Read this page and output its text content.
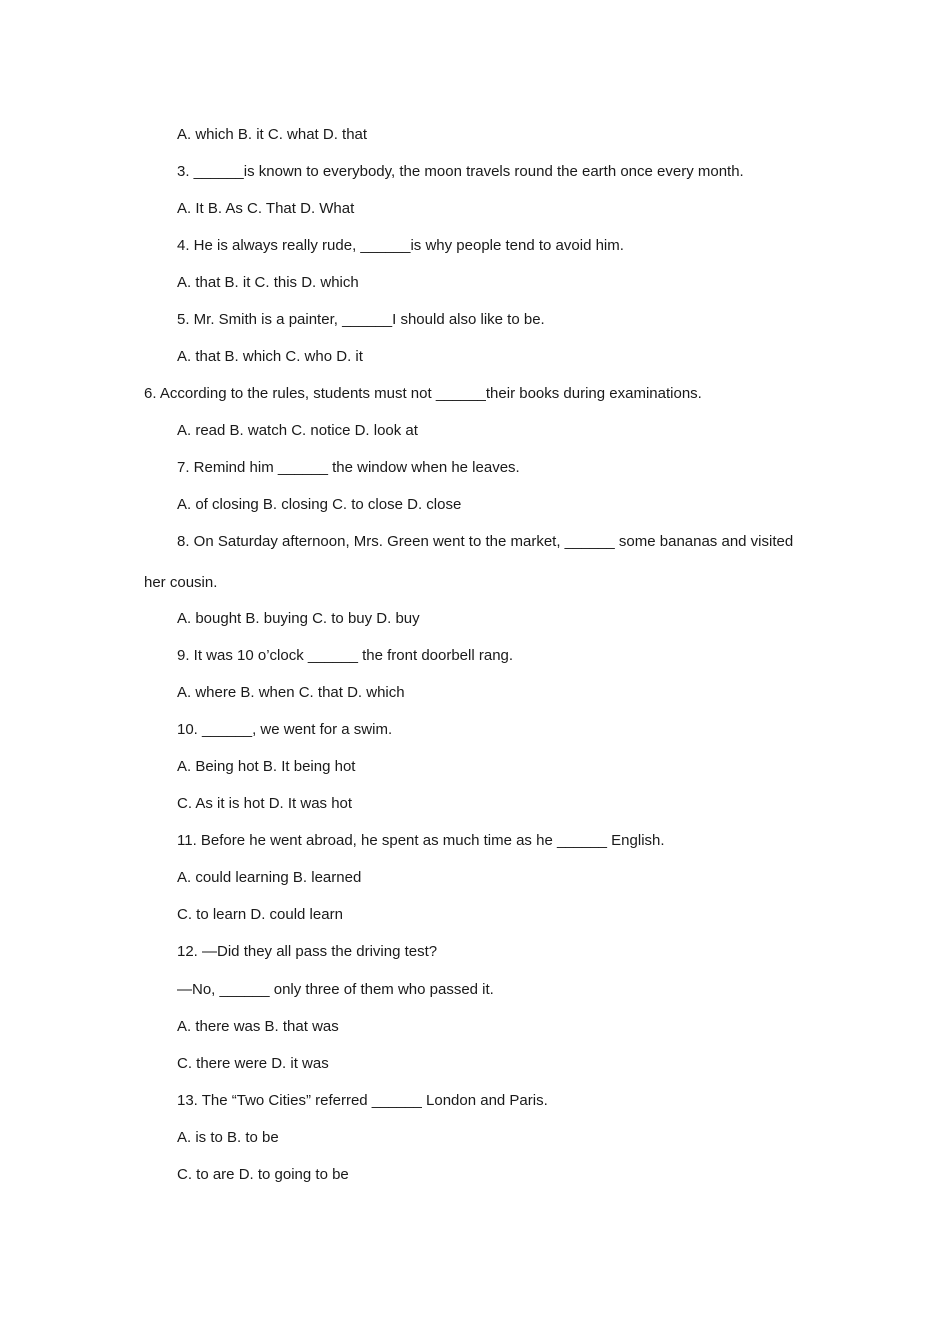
A. which B. it C. what D. that
3. ______is known to everybody, the moon travels round the earth once every month.
A. It B. As C. That D. What
4. He is always really rude, ______is why people tend to avoid him.
A. that B. it C. this D. which
5. Mr. Smith is a painter, ______I should also like to be.
A. that B. which C. who D. it
6. According to the rules, students must not ______their books during examinations.
A. read B. watch C. notice D. look at
7. Remind him ______ the window when he leaves.
A. of closing B. closing C. to close D. close
8. On Saturday afternoon, Mrs. Green went to the market, ______ some bananas and visited
her cousin.
A. bought B. buying C. to buy D. buy
9. It was 10 o’clock ______ the front doorbell rang.
A. where B. when C. that D. which
10. ______, we went for a swim.
A. Being hot B. It being hot
C. As it is hot D. It was hot
11. Before he went abroad, he spent as much time as he ______ English.
A. could learning B. learned
C. to learn D. could learn
12. —Did they all pass the driving test?
—No, ______ only three of them who passed it.
A. there was B. that was
C. there were D. it was
13. The “Two Cities” referred ______ London and Paris.
A. is to B. to be
C. to are D. to going to be
